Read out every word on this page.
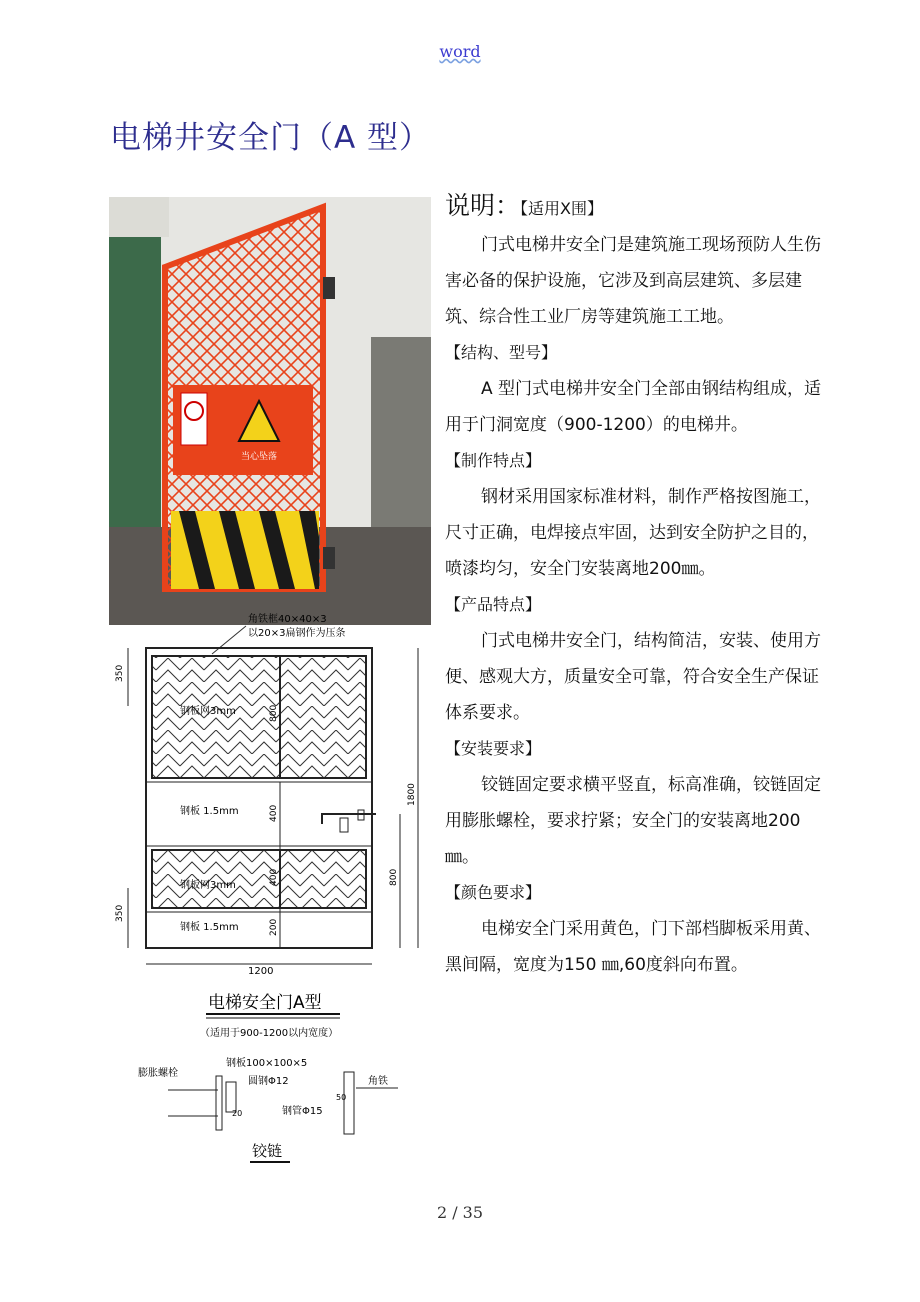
word
电梯井安全门（A 型）
当心坠落
角铁框40×40×3
以20×3扁钢作为压条
钢板网3mm
钢板网3mm
钢板 1.5mm
钢板 1.5mm
800
400
400
200
350
350
1800
800
1200
电梯安全门A型
（适用于900-1200以内宽度）
膨胀螺栓
钢板100×100×5
圆钢Φ12
钢管Φ15
角铁
20
50
铰链

说明：【适用X围】

门式电梯井安全门是建筑施工现场预防人生伤害必备的保护设施，它涉及到高层建筑、多层建筑、综合性工业厂房等建筑施工工地。

【结构、型号】

A 型门式电梯井安全门全部由钢结构组成，适用于门洞宽度（900-1200）的电梯井。

【制作特点】

钢材采用国家标准材料，制作严格按图施工，尺寸正确，电焊接点牢固，达到安全防护之目的，喷漆均匀，安全门安装离地200㎜。

【产品特点】

门式电梯井安全门，结构简洁，安装、使用方便、感观大方，质量安全可靠，符合安全生产保证体系要求。

【安装要求】

铰链固定要求横平竖直，标高准确，铰链固定用膨胀螺栓，要求拧紧；安全门的安装离地200㎜。

【颜色要求】

电梯安全门采用黄色，门下部档脚板采用黄、黑间隔，宽度为150 ㎜,60度斜向布置。

2 / 35
